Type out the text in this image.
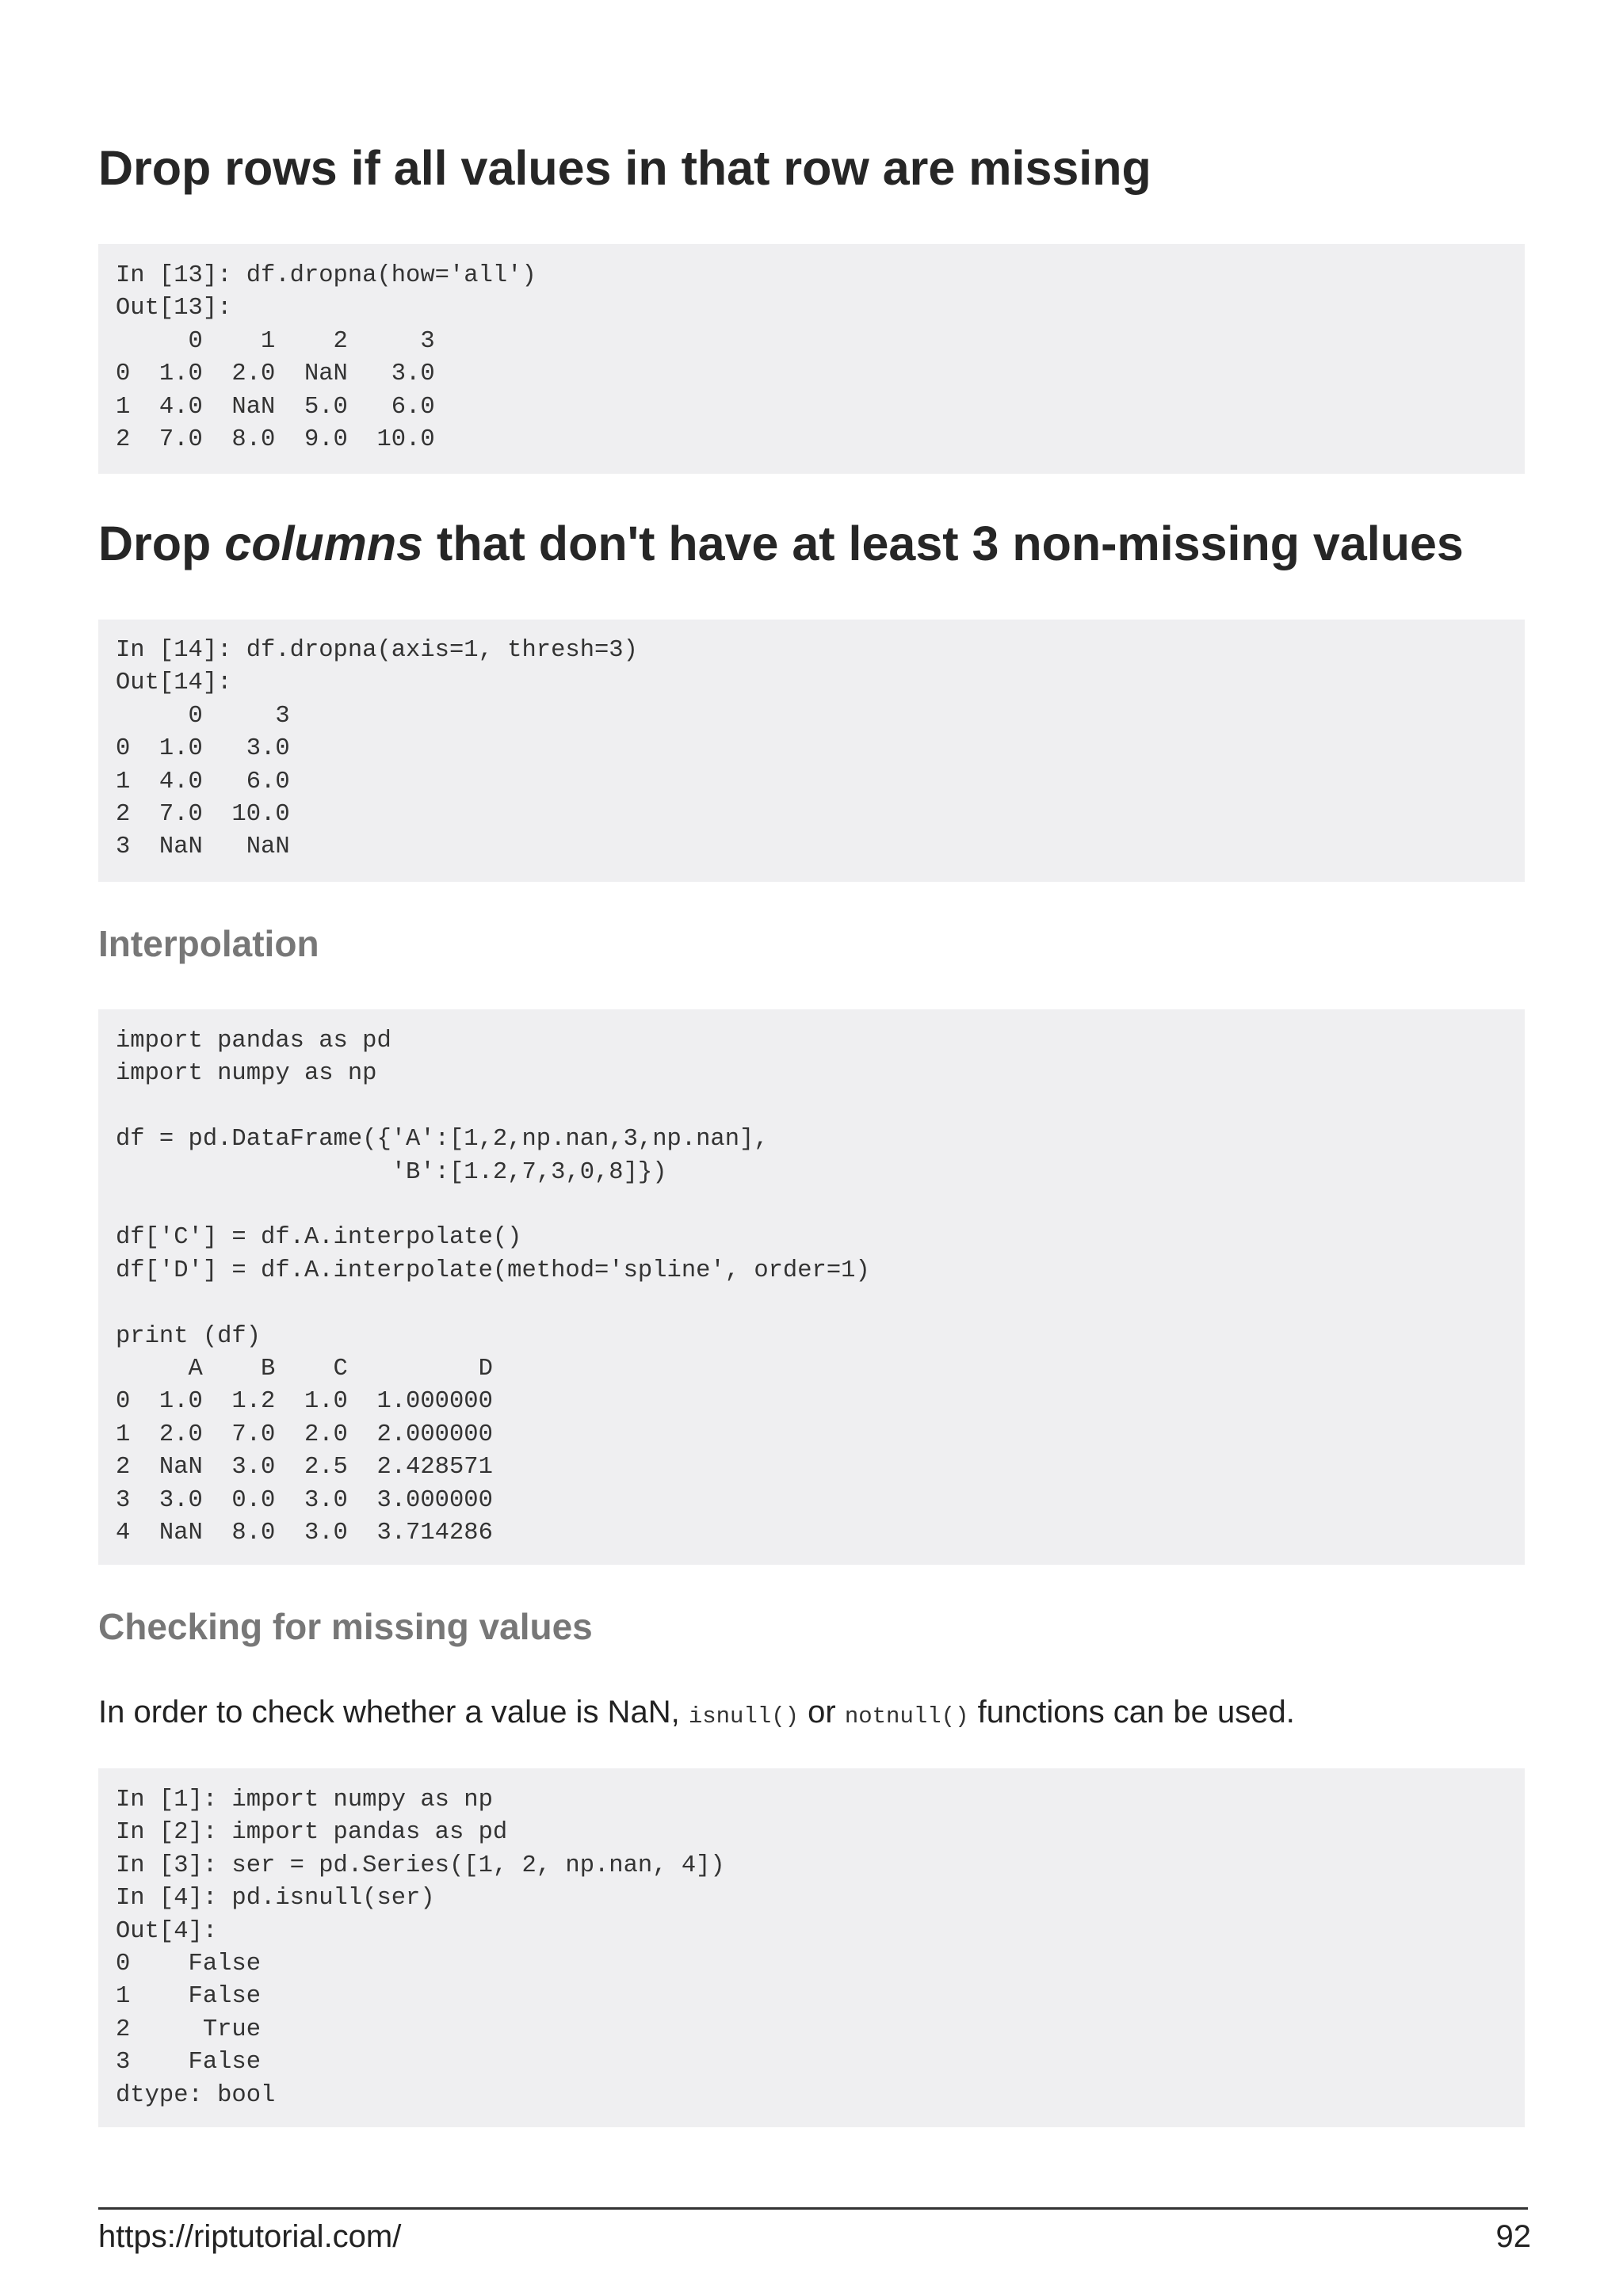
Drop rows if all values in that row are missing
In [13]: df.dropna(how='all')
Out[13]:
0    1    2     3
0  1.0  2.0  NaN   3.0
1  4.0  NaN  5.0   6.0
2  7.0  8.0  9.0  10.0
Drop columns that don't have at least 3 non-missing values
In [14]: df.dropna(axis=1, thresh=3)
Out[14]:
0     3
0  1.0   3.0
1  4.0   6.0
2  7.0  10.0
3  NaN   NaN
Interpolation
import pandas as pd
import numpy as np

df = pd.DataFrame({'A':[1,2,np.nan,3,np.nan],
'B':[1.2,7,3,0,8]})

df['C'] = df.A.interpolate()
df['D'] = df.A.interpolate(method='spline', order=1)

print (df)
A    B    C         D
0  1.0  1.2  1.0  1.000000
1  2.0  7.0  2.0  2.000000
2  NaN  3.0  2.5  2.428571
3  3.0  0.0  3.0  3.000000
4  NaN  8.0  3.0  3.714286
Checking for missing values

In order to check whether a value is NaN, isnull() or notnull() functions can be used.

In [1]: import numpy as np
In [2]: import pandas as pd
In [3]: ser = pd.Series([1, 2, np.nan, 4])
In [4]: pd.isnull(ser)
Out[4]:
0    False
1    False
2     True
3    False
dtype: bool
https://riptutorial.com/	92
